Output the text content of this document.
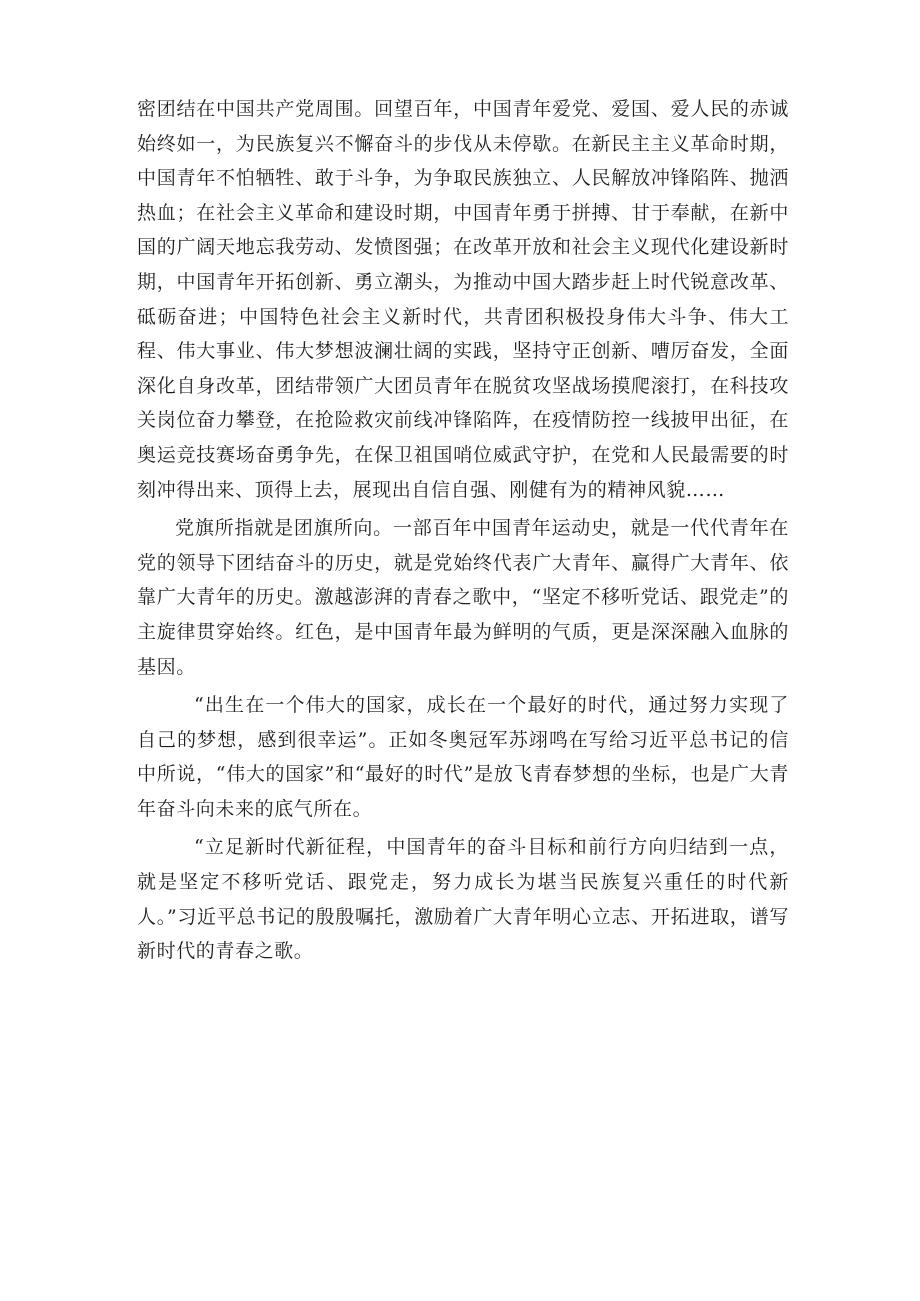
密团结在中国共产党周围。回望百年，中国青年爱党、爱国、爱人民的赤诚始终如一，为民族复兴不懈奋斗的步伐从未停歇。在新民主主义革命时期，中国青年不怕牺牲、敢于斗争，为争取民族独立、人民解放冲锋陷阵、抛洒热血；在社会主义革命和建设时期，中国青年勇于拼搏、甘于奉献，在新中国的广阔天地忘我劳动、发愤图强；在改革开放和社会主义现代化建设新时期，中国青年开拓创新、勇立潮头，为推动中国大踏步赶上时代锐意改革、砥砺奋进；中国特色社会主义新时代，共青团积极投身伟大斗争、伟大工程、伟大事业、伟大梦想波澜壮阔的实践，坚持守正创新、嘈厉奋发，全面深化自身改革，团结带领广大团员青年在脱贫攻坚战场摸爬滚打，在科技攻关岗位奋力攀登，在抢险救灾前线冲锋陷阵，在疫情防控一线披甲出征，在奥运竞技赛场奋勇争先，在保卫祖国哨位威武守护，在党和人民最需要的时刻冲得出来、顶得上去，展现出自信自强、刚健有为的精神风貌……

党旗所指就是团旗所向。一部百年中国青年运动史，就是一代代青年在党的领导下团结奋斗的历史，就是党始终代表广大青年、赢得广大青年、依靠广大青年的历史。激越澎湃的青春之歌中，“坚定不移听党话、跟党走”的主旋律贯穿始终。红色，是中国青年最为鲜明的气质，更是深深融入血脉的基因。

“出生在一个伟大的国家，成长在一个最好的时代，通过努力实现了自己的梦想，感到很幸运”。正如冬奥冠军苏翊鸣在写给习近平总书记的信中所说，“伟大的国家”和“最好的时代”是放飞青春梦想的坐标，也是广大青年奋斗向未来的底气所在。

“立足新时代新征程，中国青年的奋斗目标和前行方向归结到一点，就是坚定不移听党话、跟党走，努力成长为堪当民族复兴重任的时代新人。”习近平总书记的殷殷嘱托，激励着广大青年明心立志、开拓进取，谱写新时代的青春之歌。
